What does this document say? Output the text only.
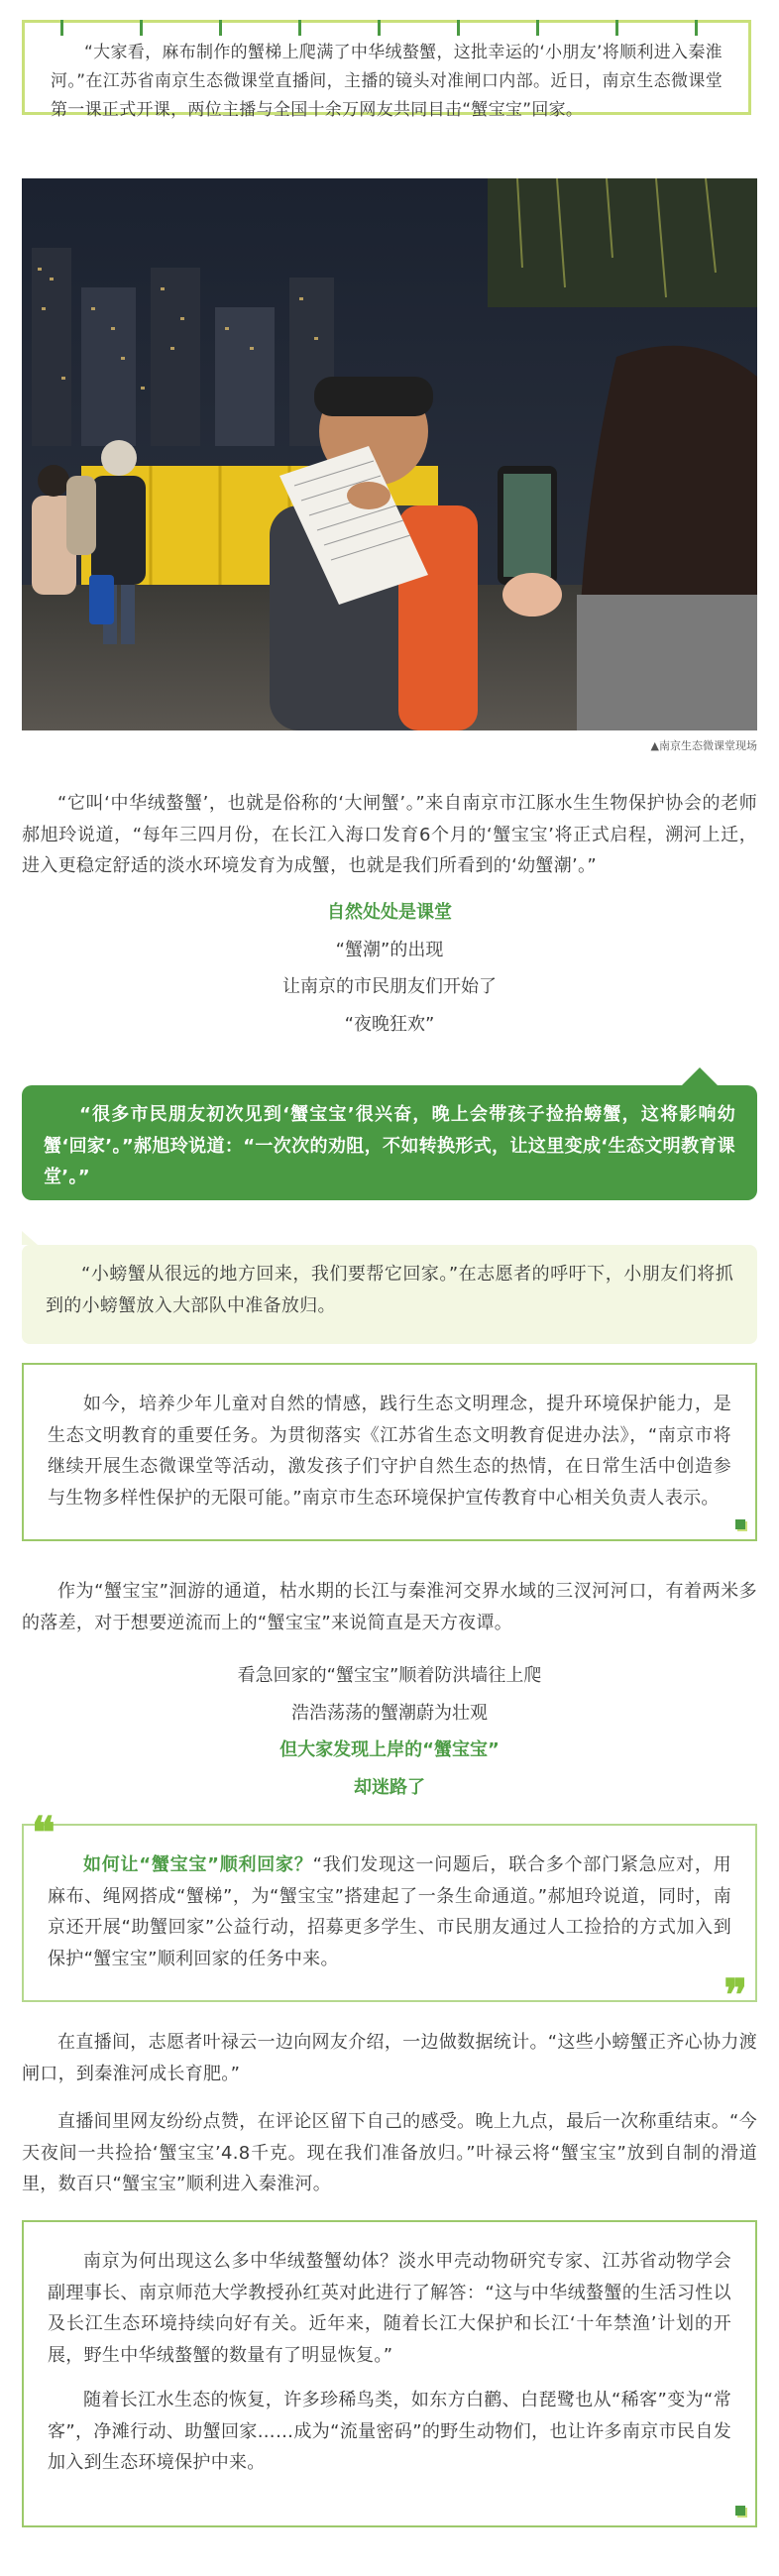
“大家看，麻布制作的蟹梯上爬满了中华绒螯蟹，这批幸运的‘小朋友’将顺利进入秦淮河。”在江苏省南京生态微课堂直播间，主播的镜头对准闸口内部。近日，南京生态微课堂第一课正式开课，两位主播与全国十余万网友共同目击“蟹宝宝”回家。

▲南京生态微课堂现场

“它叫‘中华绒螯蟹’，也就是俗称的‘大闸蟹’。”来自南京市江豚水生生物保护协会的老师郝旭玲说道，“每年三四月份，在长江入海口发育6个月的‘蟹宝宝’将正式启程，溯河上迁，进入更稳定舒适的淡水环境发育为成蟹，也就是我们所看到的‘幼蟹潮’。”

自然处处是课堂

“蟹潮”的出现

让南京的市民朋友们开始了

“夜晚狂欢”

“很多市民朋友初次见到‘蟹宝宝’很兴奋，晚上会带孩子捡拾螃蟹，这将影响幼蟹‘回家’。”郝旭玲说道：“一次次的劝阻，不如转换形式，让这里变成‘生态文明教育课堂’。”

“小螃蟹从很远的地方回来，我们要帮它回家。”在志愿者的呼吁下，小朋友们将抓到的小螃蟹放入大部队中准备放归。

如今，培养少年儿童对自然的情感，践行生态文明理念，提升环境保护能力，是生态文明教育的重要任务。为贯彻落实《江苏省生态文明教育促进办法》，“南京市将继续开展生态微课堂等活动，激发孩子们守护自然生态的热情，在日常生活中创造参与生物多样性保护的无限可能。”南京市生态环境保护宣传教育中心相关负责人表示。

作为“蟹宝宝”洄游的通道，枯水期的长江与秦淮河交界水域的三汊河河口，有着两米多的落差，对于想要逆流而上的“蟹宝宝”来说简直是天方夜谭。

看急回家的“蟹宝宝”顺着防洪墙往上爬

浩浩荡荡的蟹潮蔚为壮观

但大家发现上岸的“蟹宝宝”

却迷路了

❝
❞

如何让“蟹宝宝”顺利回家？“我们发现这一问题后，联合多个部门紧急应对，用麻布、绳网搭成“蟹梯”，为“蟹宝宝”搭建起了一条生命通道。”郝旭玲说道，同时，南京还开展“助蟹回家”公益行动，招募更多学生、市民朋友通过人工捡拾的方式加入到保护“蟹宝宝”顺利回家的任务中来。

在直播间，志愿者叶禄云一边向网友介绍，一边做数据统计。“这些小螃蟹正齐心协力渡闸口，到秦淮河成长育肥。”

直播间里网友纷纷点赞，在评论区留下自己的感受。晚上九点，最后一次称重结束。“今天夜间一共捡拾‘蟹宝宝’4.8千克。现在我们准备放归。”叶禄云将“蟹宝宝”放到自制的滑道里，数百只“蟹宝宝”顺利进入秦淮河。

南京为何出现这么多中华绒螯蟹幼体？淡水甲壳动物研究专家、江苏省动物学会副理事长、南京师范大学教授孙红英对此进行了解答：“这与中华绒螯蟹的生活习性以及长江生态环境持续向好有关。近年来，随着长江大保护和长江‘十年禁渔’计划的开展，野生中华绒螯蟹的数量有了明显恢复。”

随着长江水生态的恢复，许多珍稀鸟类，如东方白鹳、白琵鹭也从“稀客”变为“常客”，净滩行动、助蟹回家……成为“流量密码”的野生动物们，也让许多南京市民自发加入到生态环境保护中来。
